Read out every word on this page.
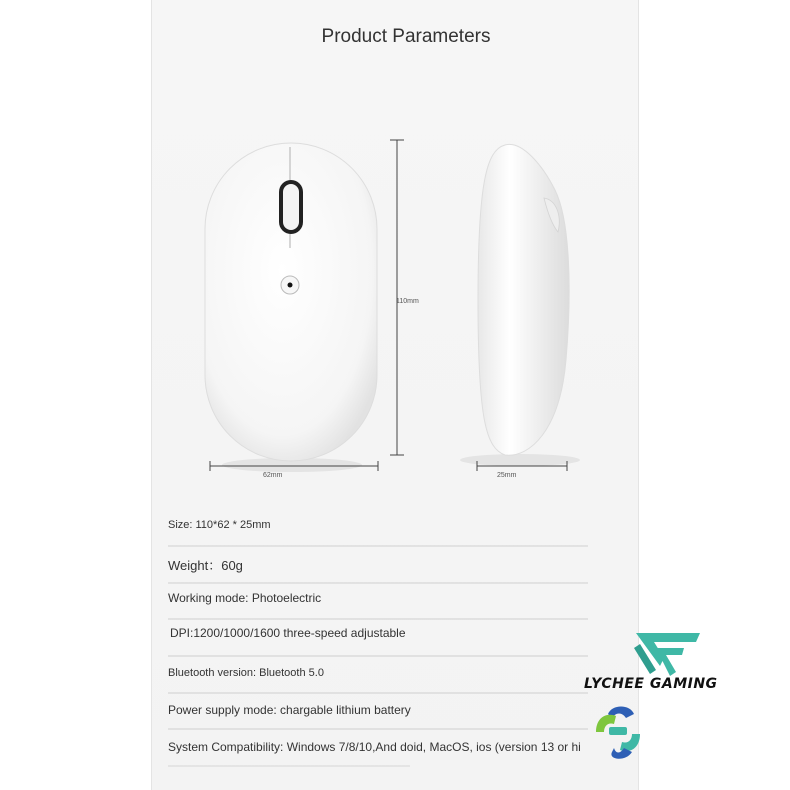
Product Parameters
110mm
62mm	25mm
Size: 110*62 * 25mm
Weight：60g
Working mode: Photoelectric
DPI:1200/1000/1600 three-speed adjustable
Bluetooth version: Bluetooth 5.0
Power supply mode: chargable lithium battery
System Compatibility: Windows 7/8/10,And doid, MacOS, ios (version 13 or hi
LYCHEE GAMING
